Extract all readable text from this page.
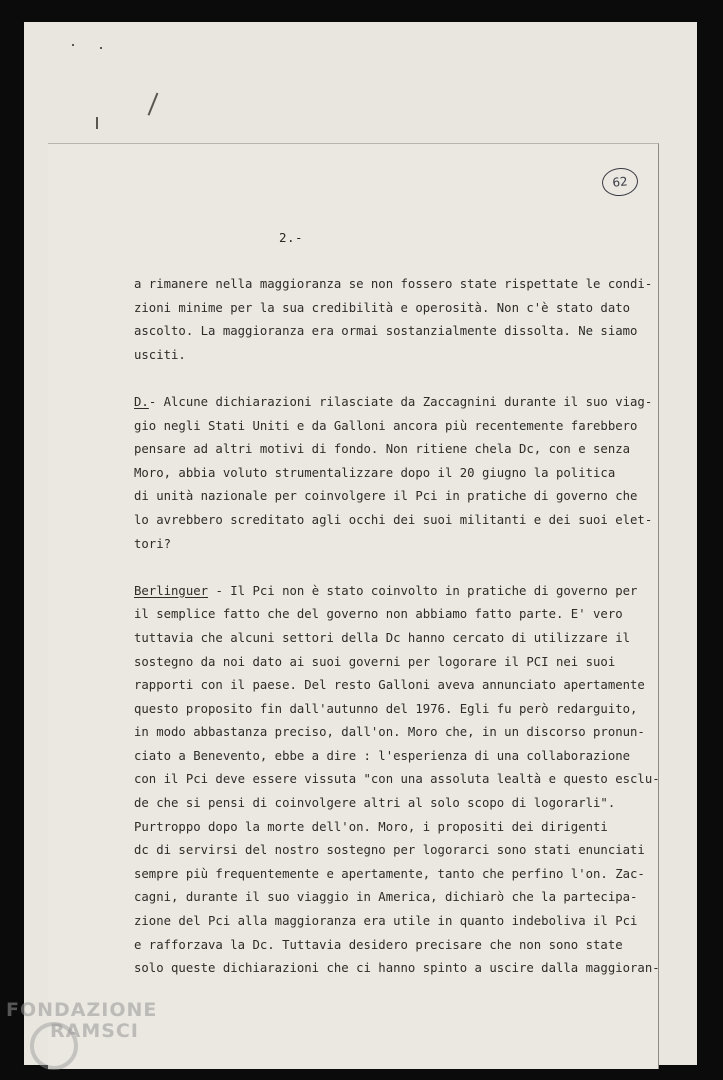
62
2.-
a rimanere nella maggioranza se non fossero state rispettate le condi-
zioni minime per la sua credibilità e operosità. Non c'è stato dato
ascolto. La maggioranza era ormai sostanzialmente dissolta. Ne siamo
usciti.
D.- Alcune dichiarazioni rilasciate da Zaccagnini durante il suo viag-
gio negli Stati Uniti e da Galloni ancora più recentemente farebbero
pensare ad altri motivi di fondo. Non ritiene chela Dc, con e senza
Moro, abbia voluto strumentalizzare dopo il 20 giugno la politica
di unità nazionale per coinvolgere il Pci in pratiche di governo che
lo avrebbero screditato agli occhi dei suoi militanti e dei suoi elet-
tori?
Berlinguer - Il Pci non è stato coinvolto in pratiche di governo per
il semplice fatto che del governo non abbiamo fatto parte. E' vero
tuttavia che alcuni settori della Dc hanno cercato di utilizzare il
sostegno da noi dato ai suoi governi per logorare il PCI nei suoi
rapporti con il paese. Del resto Galloni aveva annunciato apertamente
questo proposito fin dall'autunno del 1976. Egli fu però redarguito,
in modo abbastanza preciso, dall'on. Moro che, in un discorso pronun-
ciato a Benevento, ebbe a dire : l'esperienza di una collaborazione
con il Pci deve essere vissuta "con una assoluta lealtà e questo esclu-
de che si pensi di coinvolgere altri al solo scopo di logorarli".
Purtroppo dopo la morte dell'on. Moro, i propositi dei dirigenti
dc di servirsi del nostro sostegno per logorarci sono stati enunciati
sempre più frequentemente e apertamente, tanto che perfino l'on. Zac-
cagni, durante il suo viaggio in America, dichiarò che la partecipa-
zione del Pci alla maggioranza era utile in quanto indeboliva il Pci
e rafforzava la Dc. Tuttavia desidero precisare che non sono state
solo queste dichiarazioni che ci hanno spinto a uscire dalla maggioran-
FONDAZIONE
RAMSCI
